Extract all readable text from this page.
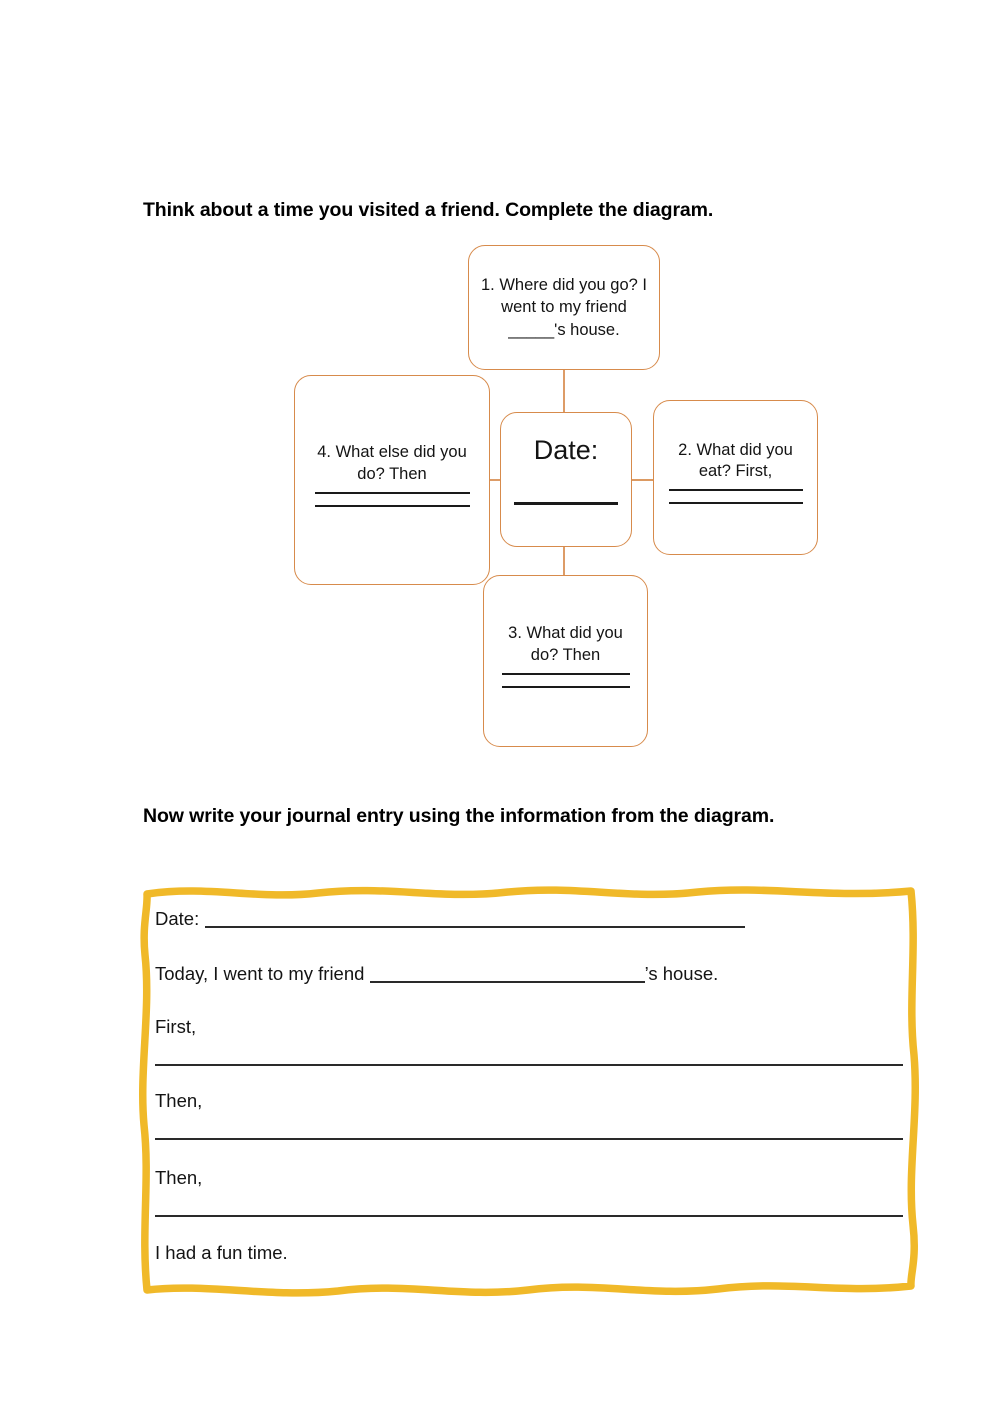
Think about a time you visited a friend. Complete the diagram.
1. Where did you go? I went to my friend _____'s house.
4. What else did you do? Then
Date:	2. What did you eat? First,
3. What did you do? Then
Now write your journal entry using the information from the diagram.
Date:
Today, I went to my friend	’s house.
First,
Then,
Then,
I had a fun time.
